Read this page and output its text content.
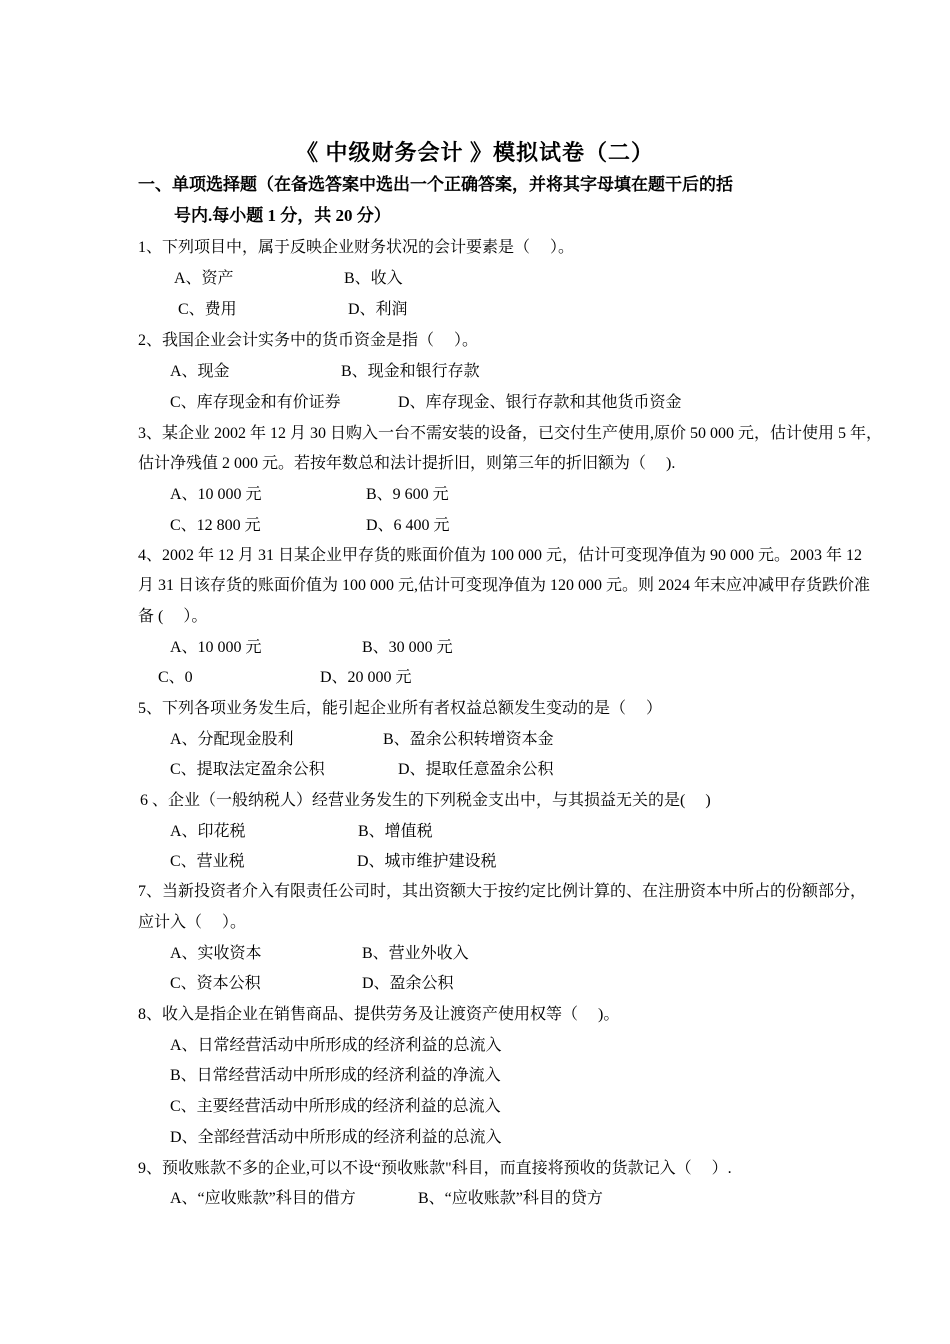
《 中级财务会计 》模拟试卷（二）
一、单项选择题（在备选答案中选出一个正确答案，并将其字母填在题干后的括
号内.每小题 1 分，共 20 分）
1、下列项目中，属于反映企业财务状况的会计要素是（　 ）。
A、资产	B、收入
C、费用	D、利润
2、我国企业会计实务中的货币资金是指（　 ）。
A、现金	B、现金和银行存款
C、库存现金和有价证券	D、库存现金、银行存款和其他货币资金
3、某企业 2002 年 12 月 30 日购入一台不需安装的设备，已交付生产使用,原价 50 000 元，估计使用 5 年，
估计净残值 2 000 元。若按年数总和法计提折旧，则第三年的折旧额为（　 ).
A、10 000 元	B、9 600 元
C、12 800 元	D、6 400 元
4、2002 年 12 月 31 日某企业甲存货的账面价值为 100 000 元，估计可变现净值为 90 000 元。2003 年 12
月 31 日该存货的账面价值为 100 000 元,估计可变现净值为 120 000 元。则 2024 年末应冲减甲存货跌价准
备 (　 ）。
A、10 000 元	B、30 000 元
C、0	D、20 000 元
5、下列各项业务发生后，能引起企业所有者权益总额发生变动的是（　 ）
A、分配现金股利	B、盈余公积转增资本金
C、提取法定盈余公积	D、提取任意盈余公积
6 、企业（一般纳税人）经营业务发生的下列税金支出中，与其损益无关的是(　 )
A、印花税	B、增值税
C、营业税	D、城市维护建设税
7、当新投资者介入有限责任公司时，其出资额大于按约定比例计算的、在注册资本中所占的份额部分，
应计入（　 ）。
A、实收资本	B、营业外收入
C、资本公积	D、盈余公积
8、收入是指企业在销售商品、提供劳务及让渡资产使用权等（　 )。
A、日常经营活动中所形成的经济利益的总流入
B、日常经营活动中所形成的经济利益的净流入
C、主要经营活动中所形成的经济利益的总流入
D、全部经营活动中所形成的经济利益的总流入
9、预收账款不多的企业,可以不设“预收账款"科目，而直接将预收的货款记入（　 ）.
A、“应收账款”科目的借方	B、“应收账款”科目的贷方
